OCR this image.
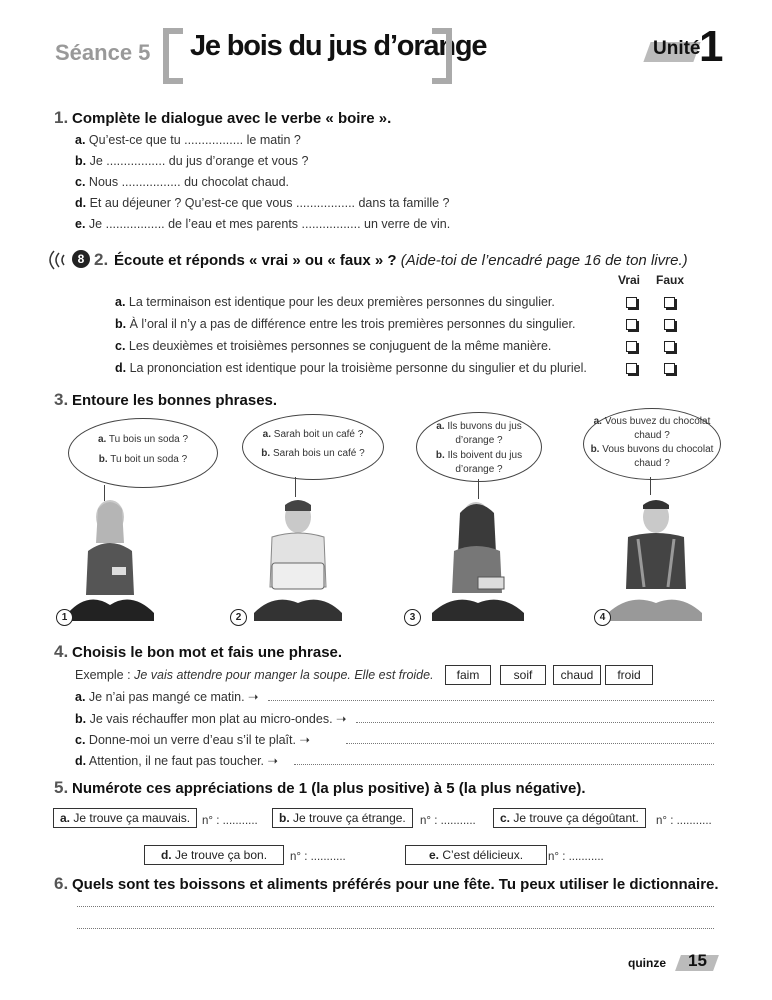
Séance 5 Je bois du jus d’orange	Unité
1
1. Complète le dialogue avec le verbe « boire ».
a. Qu’est-ce que tu ................. le matin ?
b. Je ................. du jus d’orange et vous ?
c. Nous ................. du chocolat chaud.
d. Et au déjeuner ? Qu’est-ce que vous ................. dans ta famille ?
e. Je ................. de l’eau et mes parents ................. un verre de vin.
8 2. Écoute et réponds « vrai » ou « faux » ? (Aide-toi de l’encadré page 16 de ton livre.)
Vrai Faux
a. La terminaison est identique pour les deux premières personnes du singulier.
b. À l’oral il n’y a pas de différence entre les trois premières personnes du singulier.
c. Les deuxièmes et troisièmes personnes se conjuguent de la même manière.
d. La prononciation est identique pour la troisième personne du singulier et du pluriel.
3. Entoure les bonnes phrases.
a. Tu bois un soda ?
b. Tu boit un soda ?
a. Sarah boit un café ?
b. Sarah bois un café ?
a. Ils buvons du jus d’orange ?
b. Ils boivent du jus d’orange ?
a. Vous buvez du chocolat chaud ?
b. Vous buvons du chocolat chaud ?
1	2	3	4
4. Choisis le bon mot et fais une phrase.
Exemple : Je vais attendre pour manger la soupe. Elle est froide.	faim	soif	chaud	froid
a. Je n’ai pas mangé ce matin. ➝
b. Je vais réchauffer mon plat au micro-ondes. ➝
c. Donne-moi un verre d’eau s’il te plaît. ➝
d. Attention, il ne faut pas toucher. ➝
5. Numérote ces appréciations de 1 (la plus positive) à 5 (la plus négative).
a. Je trouve ça mauvais.	n° : ...........	b. Je trouve ça étrange.	n° : ...........	c. Je trouve ça dégoûtant.	n° : ...........
d. Je trouve ça bon.	n° : ...........	e. C’est délicieux.	n° : ...........
6. Quels sont tes boissons et aliments préférés pour une fête. Tu peux utiliser le dictionnaire.
quinze 15
